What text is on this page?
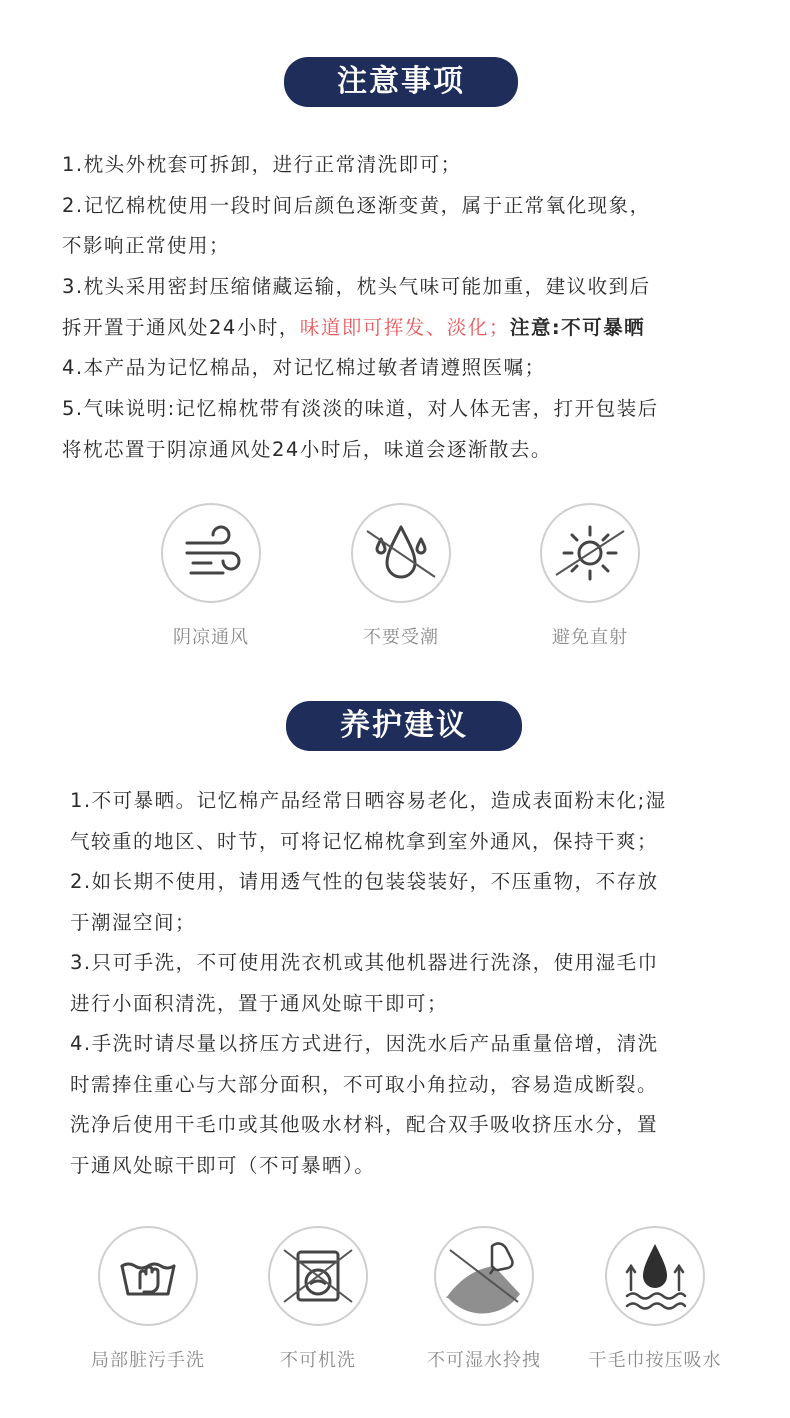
注意事项
1.枕头外枕套可拆卸，进行正常清洗即可；
2.记忆棉枕使用一段时间后颜色逐渐变黄，属于正常氧化现象，
不影响正常使用；
3.枕头采用密封压缩储藏运输，枕头气味可能加重，建议收到后
拆开置于通风处24小时，味道即可挥发、淡化；注意:不可暴晒
4.本产品为记忆棉品，对记忆棉过敏者请遵照医嘱；
5.气味说明:记忆棉枕带有淡淡的味道，对人体无害，打开包装后
将枕芯置于阴凉通风处24小时后，味道会逐渐散去。
阴凉通风	不要受潮	避免直射
养护建议
1.不可暴晒。记忆棉产品经常日晒容易老化，造成表面粉末化;湿
气较重的地区、时节，可将记忆棉枕拿到室外通风，保持干爽；
2.如长期不使用，请用透气性的包装袋装好，不压重物，不存放
于潮湿空间；
3.只可手洗，不可使用洗衣机或其他机器进行洗涤，使用湿毛巾
进行小面积清洗，置于通风处晾干即可；
4.手洗时请尽量以挤压方式进行，因洗水后产品重量倍增，清洗
时需捧住重心与大部分面积，不可取小角拉动，容易造成断裂。
洗净后使用干毛巾或其他吸水材料，配合双手吸收挤压水分，置
于通风处晾干即可（不可暴晒）。
局部脏污手洗	不可机洗	不可湿水拎拽	干毛巾按压吸水
